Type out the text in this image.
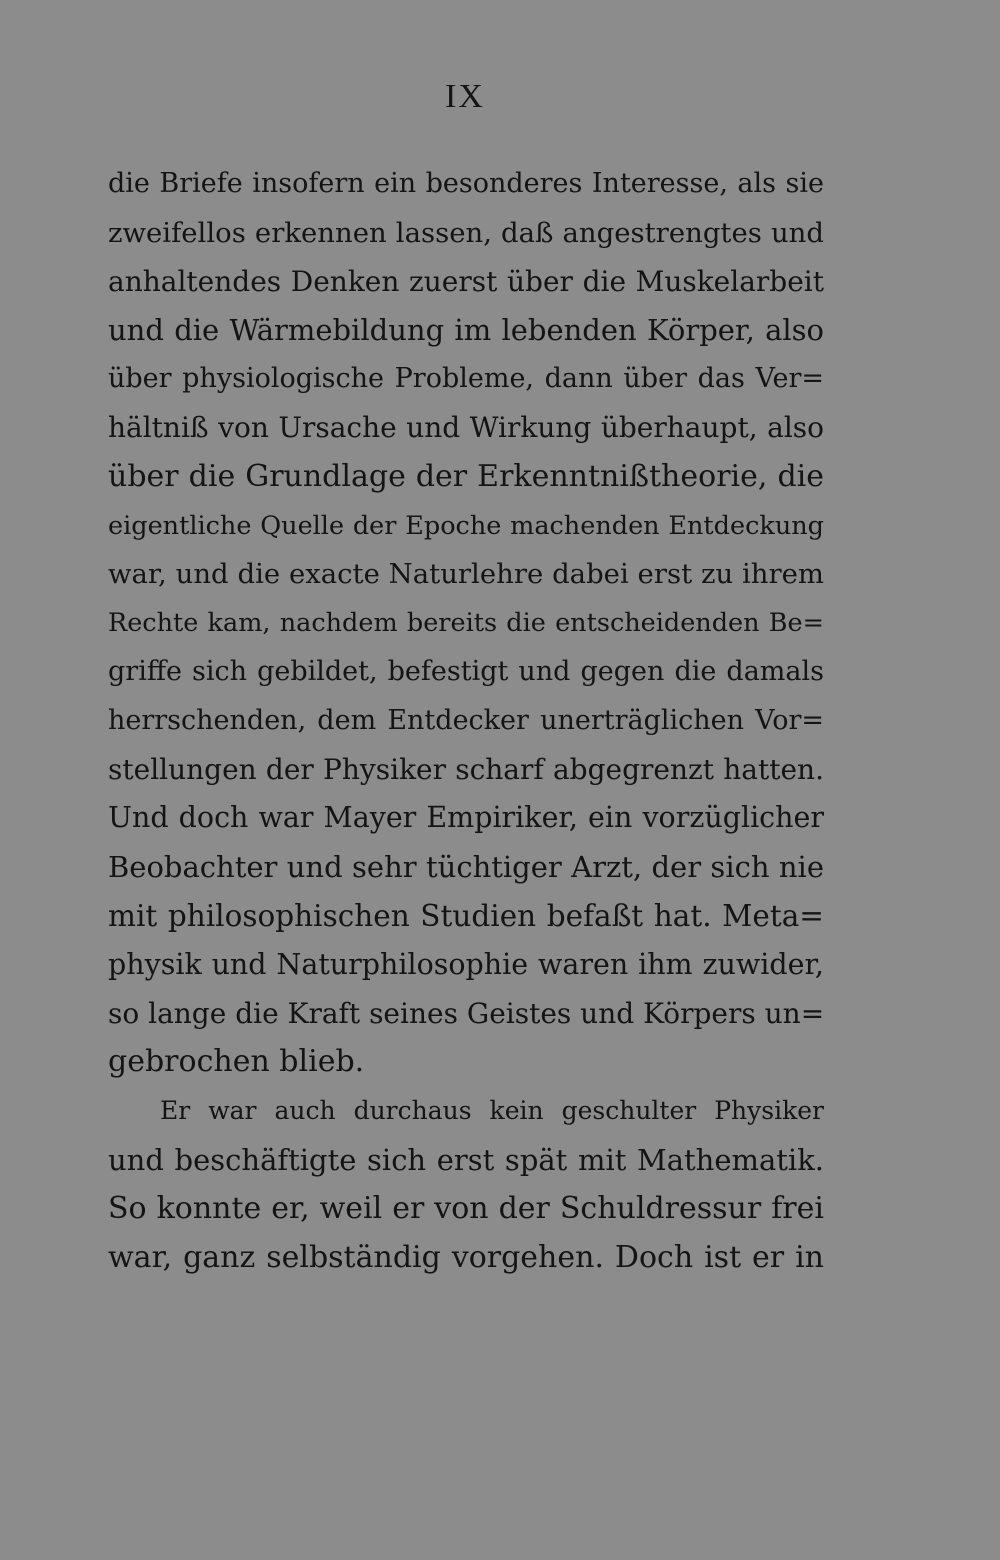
IX
die Briefe insofern ein besonderes Interesse, als sie
zweifellos erkennen lassen, daß angestrengtes und
anhaltendes Denken zuerst über die Muskelarbeit
und die Wärmebildung im lebenden Körper, also
über physiologische Probleme, dann über das Ver=
hältniß von Ursache und Wirkung überhaupt, also
über die Grundlage der Erkenntnißtheorie, die
eigentliche Quelle der Epoche machenden Entdeckung
war, und die exacte Naturlehre dabei erst zu ihrem
Rechte kam, nachdem bereits die entscheidenden Be=
griffe sich gebildet, befestigt und gegen die damals
herrschenden, dem Entdecker unerträglichen Vor=
stellungen der Physiker scharf abgegrenzt hatten.
Und doch war Mayer Empiriker, ein vorzüglicher
Beobachter und sehr tüchtiger Arzt, der sich nie
mit philosophischen Studien befaßt hat. Meta=
physik und Naturphilosophie waren ihm zuwider,
so lange die Kraft seines Geistes und Körpers un=
gebrochen blieb.
Er war auch durchaus kein geschulter Physiker
und beschäftigte sich erst spät mit Mathematik.
So konnte er, weil er von der Schuldressur frei
war, ganz selbständig vorgehen. Doch ist er in
